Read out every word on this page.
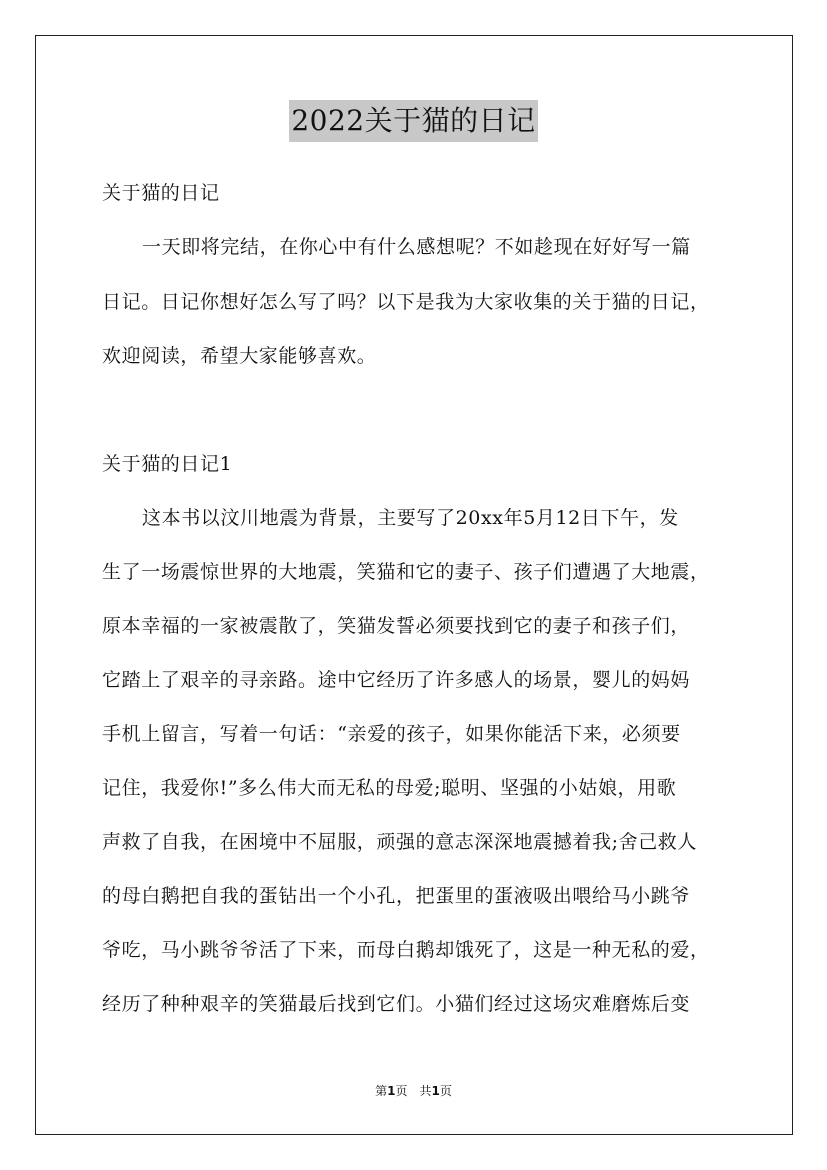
2022关于猫的日记
关于猫的日记
一天即将完结，在你心中有什么感想呢？不如趁现在好好写一篇
日记。日记你想好怎么写了吗？以下是我为大家收集的关于猫的日记，
欢迎阅读，希望大家能够喜欢。
关于猫的日记1
这本书以汶川地震为背景，主要写了20xx年5月12日下午，发
生了一场震惊世界的大地震，笑猫和它的妻子、孩子们遭遇了大地震，
原本幸福的一家被震散了，笑猫发誓必须要找到它的妻子和孩子们，
它踏上了艰辛的寻亲路。途中它经历了许多感人的场景，婴儿的妈妈
手机上留言，写着一句话：“亲爱的孩子，如果你能活下来，必须要
记住，我爱你!”多么伟大而无私的母爱;聪明、坚强的小姑娘，用歌
声救了自我，在困境中不屈服，顽强的意志深深地震撼着我;舍己救人
的母白鹅把自我的蛋钻出一个小孔，把蛋里的蛋液吸出喂给马小跳爷
爷吃，马小跳爷爷活了下来，而母白鹅却饿死了，这是一种无私的爱，
经历了种种艰辛的笑猫最后找到它们。小猫们经过这场灾难磨炼后变
第1页　共1页
